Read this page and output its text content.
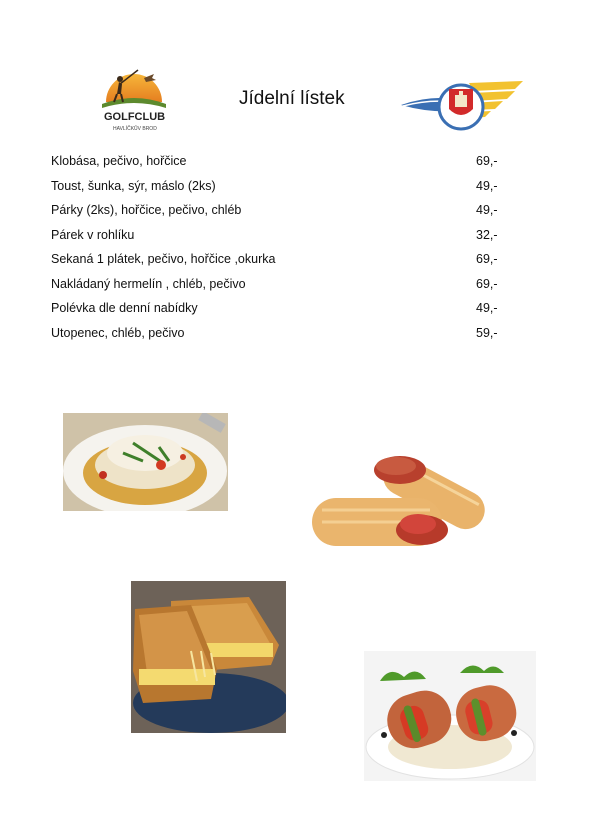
GOLFCLUB
HAVLÍČKŮV BROD
Jídelní lístek
Klobása, pečivo, hořčice	69,-
Toust, šunka, sýr, máslo (2ks)	49,-
Párky (2ks), hořčice, pečivo, chléb	49,-
Párek v rohlíku	32,-
Sekaná 1 plátek, pečivo, hořčice ,okurka	69,-
Nakládaný hermelín , chléb, pečivo	69,-
Polévka dle denní nabídky	49,-
Utopenec, chléb, pečivo	59,-
